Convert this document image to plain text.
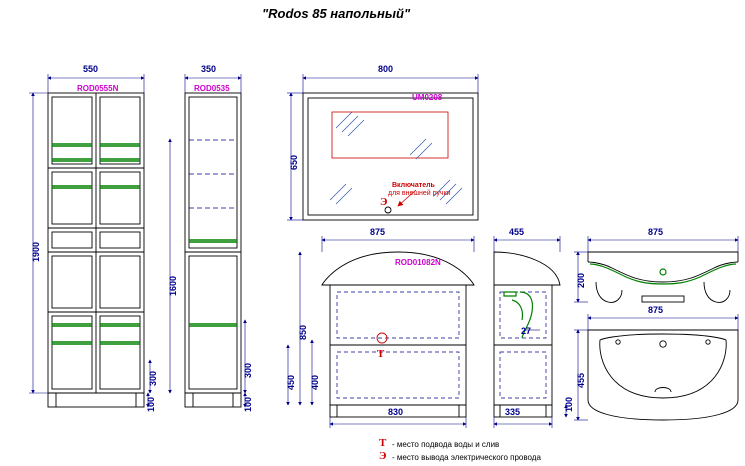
"Rodos 85 напольный"
550
ROD0555N
1900
100
350
ROD0535
1600
300
300
100
800
UM0208
650
Включатель
для внешней ручки
Э
875
ROD01082N
830
850
450 400
Т
455
335
27
100
875
200
875
455
Т - место подвода воды и слив
Э - место вывода электрического провода
